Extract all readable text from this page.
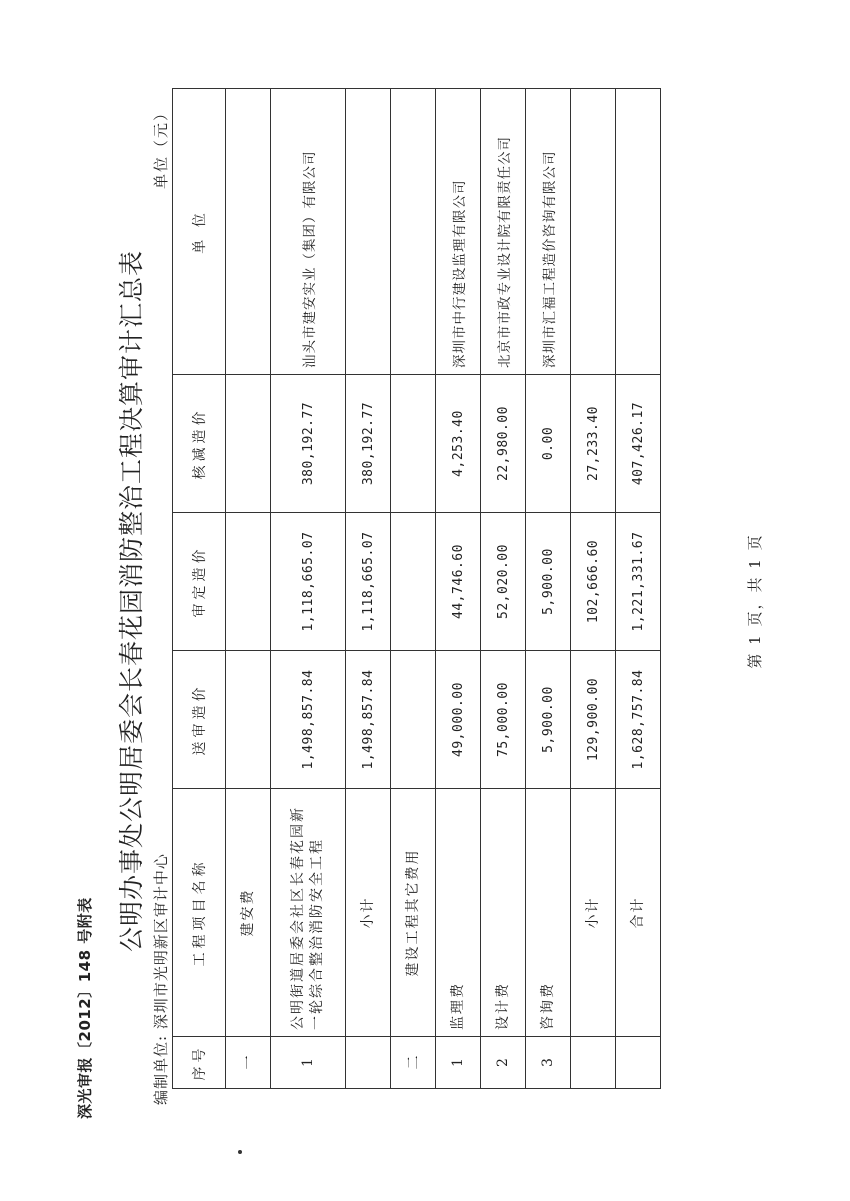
深光审报〔2012〕148 号附表
公明办事处公明居委会长春花园消防整治工程决算审计汇总表
编制单位: 深圳市光明新区审计中心
单位（元）
序号	工程项目名称	送审造价	审定造价	核减造价	单 位
一	建安费				
1	公明街道居委会社区长春花园新一轮综合整治消防安全工程	1,498,857.84	1,118,665.07	380,192.77	汕头市建安实业（集团）有限公司
	小计	1,498,857.84	1,118,665.07	380,192.77	
二	建设工程其它费用				
1	监理费	49,000.00	44,746.60	4,253.40	深圳市中行建设监理有限公司
2	设计费	75,000.00	52,020.00	22,980.00	北京市市政专业设计院有限责任公司
3	咨询费	5,900.00	5,900.00	0.00	深圳市汇福工程造价咨询有限公司
	小计	129,900.00	102,666.60	27,233.40	
	合计	1,628,757.84	1,221,331.67	407,426.17	
第 1 页，共 1 页
